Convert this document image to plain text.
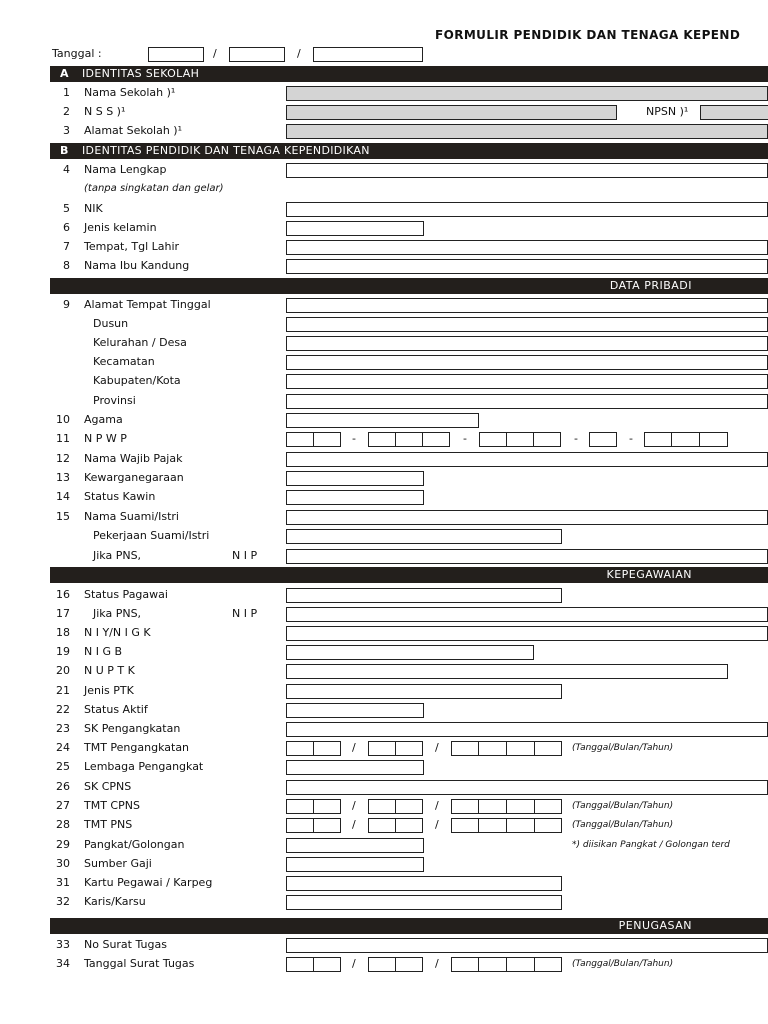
FORMULIR PENDIDIK DAN TENAGA KEPEND
Tanggal :	/	/
A IDENTITAS SEKOLAH
1 Nama Sekolah )¹
2 N S S )¹	NPSN )¹
3 Alamat Sekolah )¹
B IDENTITAS PENDIDIK DAN TENAGA KEPENDIDIKAN
4 Nama Lengkap
(tanpa singkatan dan gelar)
5 NIK
6 Jenis kelamin
7 Tempat, Tgl Lahir
8 Nama Ibu Kandung
DATA PRIBADI
9 Alamat Tempat Tinggal
Dusun
Kelurahan / Desa
Kecamatan
Kabupaten/Kota
Provinsi
10 Agama
11 N P W P	-	-	-	-
12 Nama Wajib Pajak
13 Kewarganegaraan
14 Status Kawin
15 Nama Suami/Istri
Pekerjaan Suami/Istri
Jika PNS,	N I P
KEPEGAWAIAN
16 Status Pagawai
17 Jika PNS,	N I P
18 N I Y/N I G K
19 N I G B
20 N U P T K
21 Jenis PTK
22 Status Aktif
23 SK Pengangkatan
24 TMT Pengangkatan	/	/	(Tanggal/Bulan/Tahun)
25 Lembaga Pengangkat
26 SK CPNS
27 TMT CPNS	/	/	(Tanggal/Bulan/Tahun)
28 TMT PNS	/	/	(Tanggal/Bulan/Tahun)
29 Pangkat/Golongan	*) diisikan Pangkat / Golongan terd
30 Sumber Gaji
31 Kartu Pegawai / Karpeg
32 Karis/Karsu
PENUGASAN
33 No Surat Tugas
34 Tanggal Surat Tugas	/	/	(Tanggal/Bulan/Tahun)
